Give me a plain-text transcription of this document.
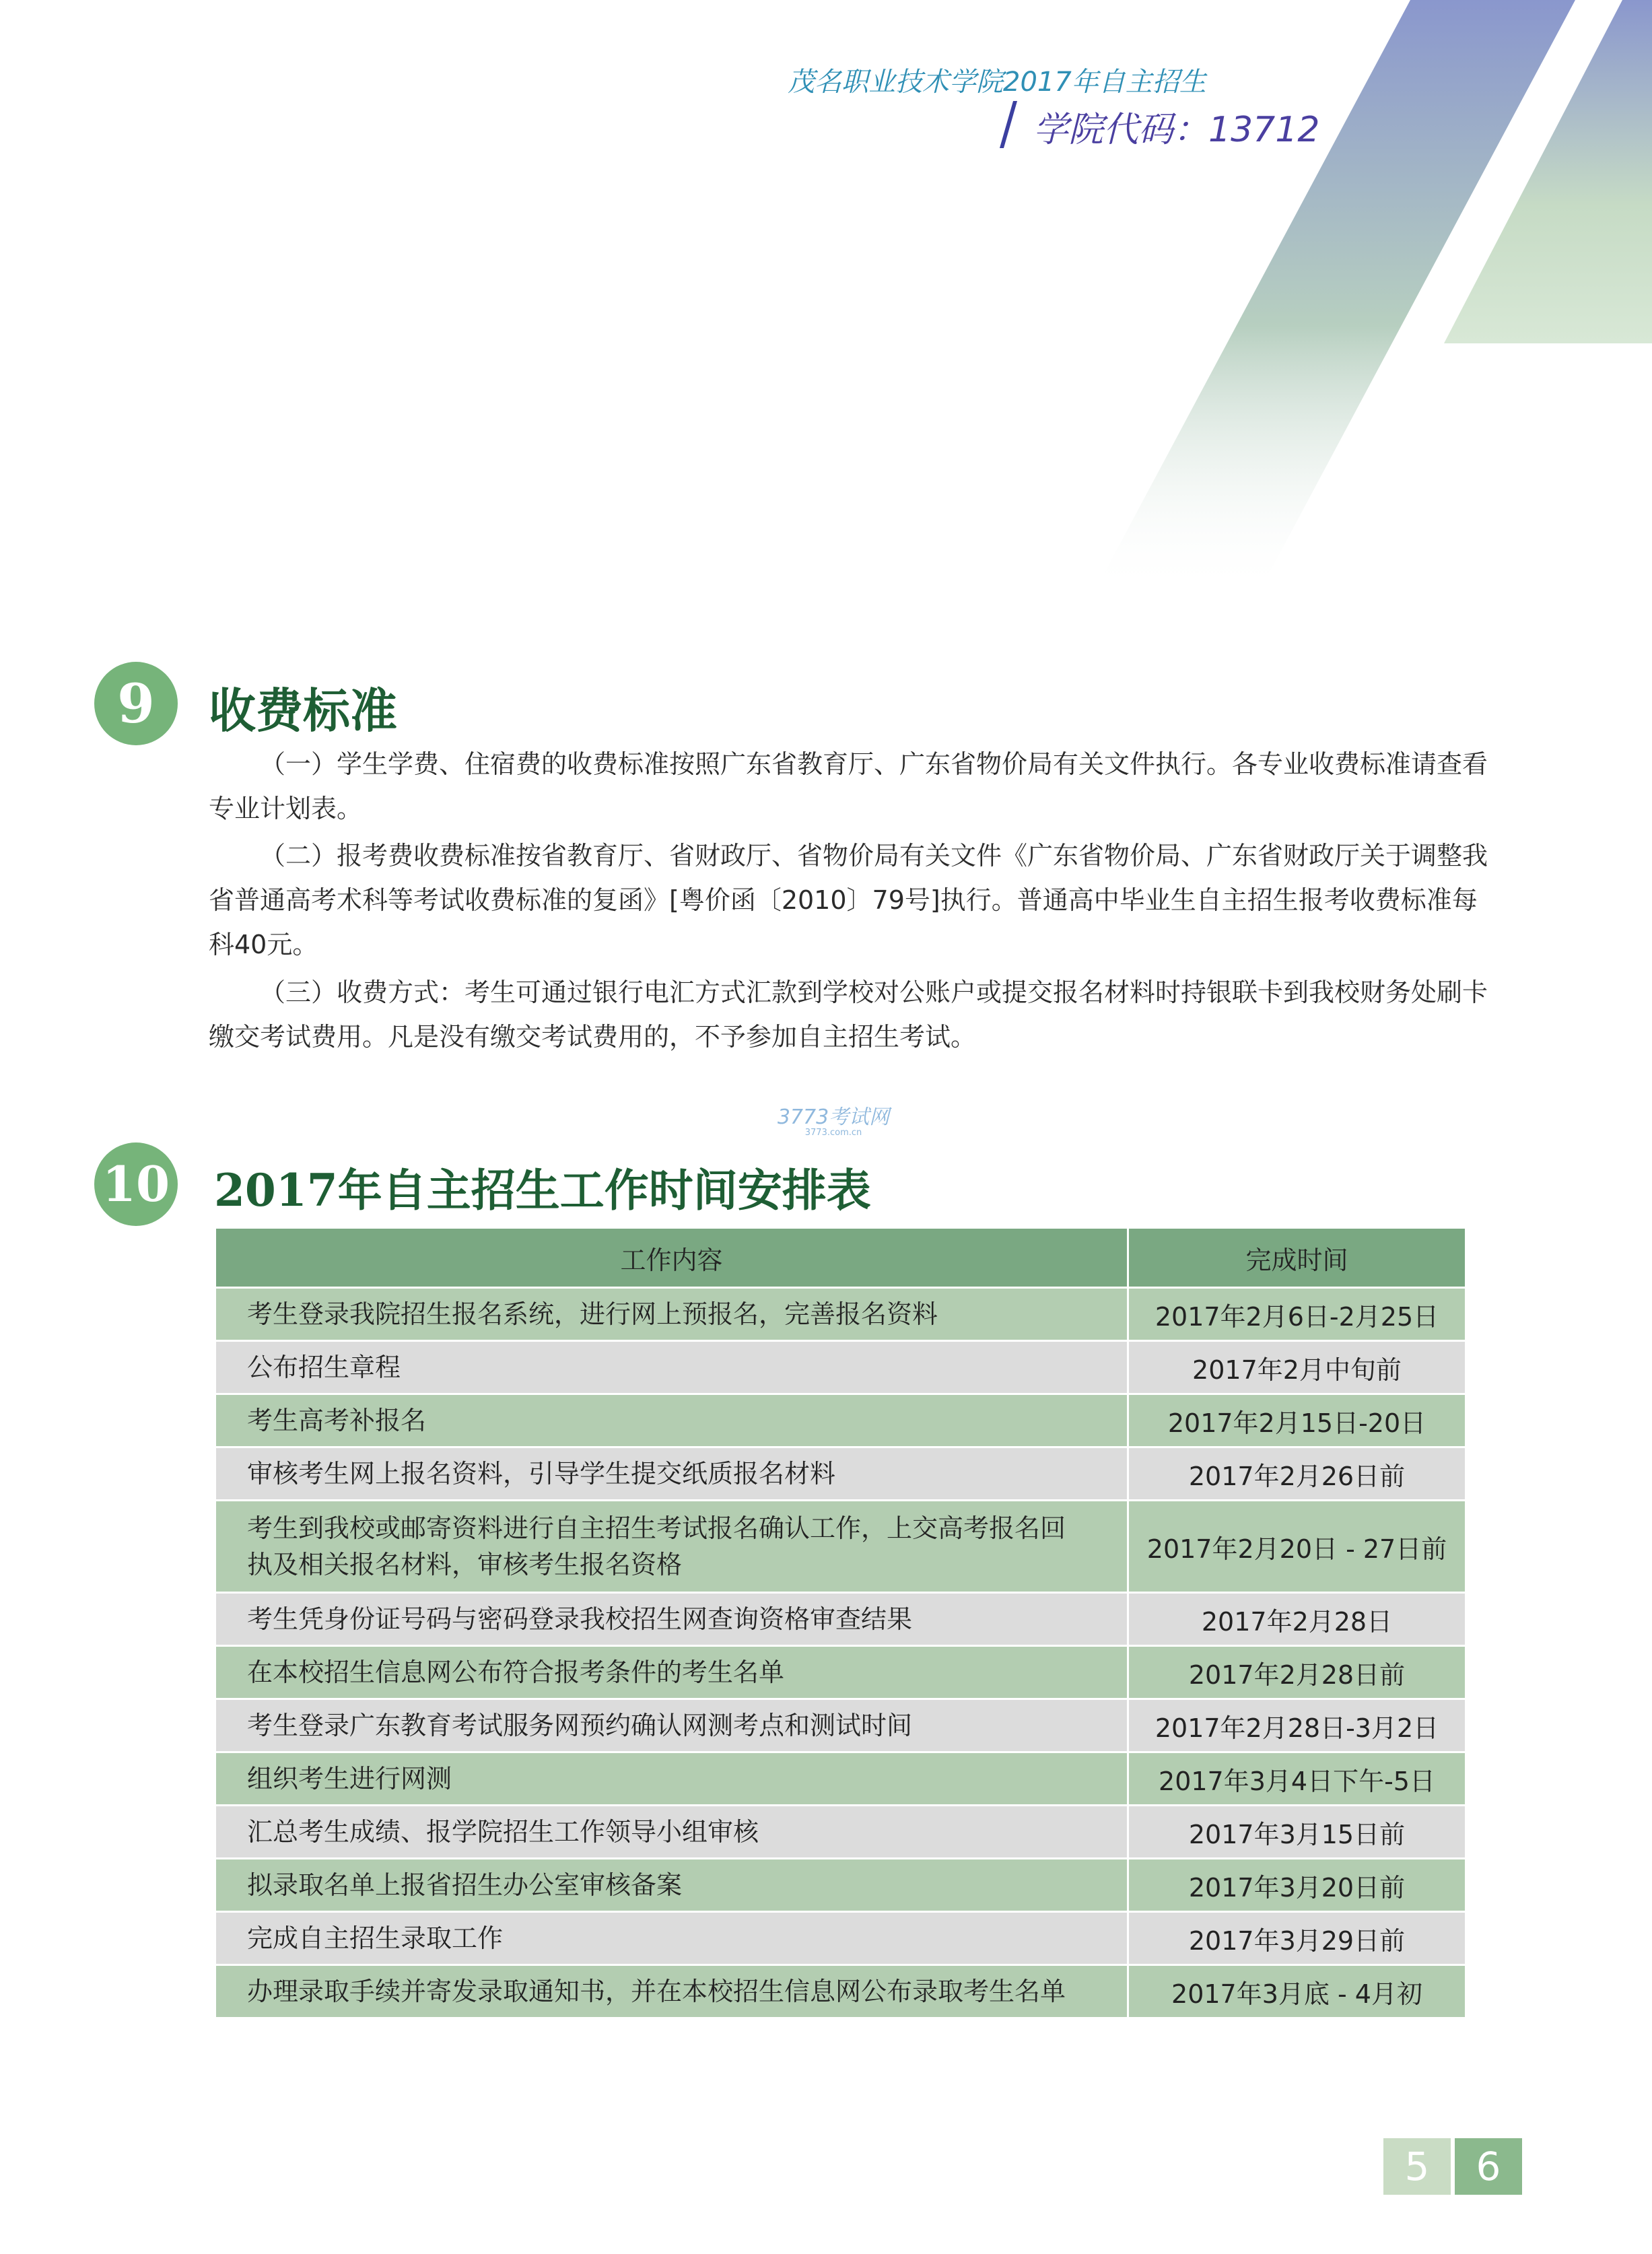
茂名职业技术学院2017年自主招生
学院代码：13712
9	收费标准

（一）学生学费、住宿费的收费标准按照广东省教育厅、广东省物价局有关文件执行。各专业收费标准请查看专业计划表。

（二）报考费收费标准按省教育厅、省财政厅、省物价局有关文件《广东省物价局、广东省财政厅关于调整我省普通高考术科等考试收费标准的复函》[粤价函〔2010〕79号]执行。普通高中毕业生自主招生报考收费标准每科40元。

（三）收费方式：考生可通过银行电汇方式汇款到学校对公账户或提交报名材料时持银联卡到我校财务处刷卡缴交考试费用。凡是没有缴交考试费用的，不予参加自主招生考试。

3773考试网
3773.com.cn
10 2017年自主招生工作时间安排表
工作内容	完成时间
考生登录我院招生报名系统，进行网上预报名，完善报名资料	2017年2月6日-2月25日
公布招生章程	2017年2月中旬前
考生高考补报名	2017年2月15日-20日
审核考生网上报名资料，引导学生提交纸质报名材料	2017年2月26日前
考生到我校或邮寄资料进行自主招生考试报名确认工作，上交高考报名回执及相关报名材料，审核考生报名资格	2017年2月20日 - 27日前
考生凭身份证号码与密码登录我校招生网查询资格审查结果	2017年2月28日
在本校招生信息网公布符合报考条件的考生名单	2017年2月28日前
考生登录广东教育考试服务网预约确认网测考点和测试时间	2017年2月28日-3月2日
组织考生进行网测	2017年3月4日下午-5日
汇总考生成绩、报学院招生工作领导小组审核	2017年3月15日前
拟录取名单上报省招生办公室审核备案	2017年3月20日前
完成自主招生录取工作	2017年3月29日前
办理录取手续并寄发录取通知书，并在本校招生信息网公布录取考生名单	2017年3月底 - 4月初
5	6
